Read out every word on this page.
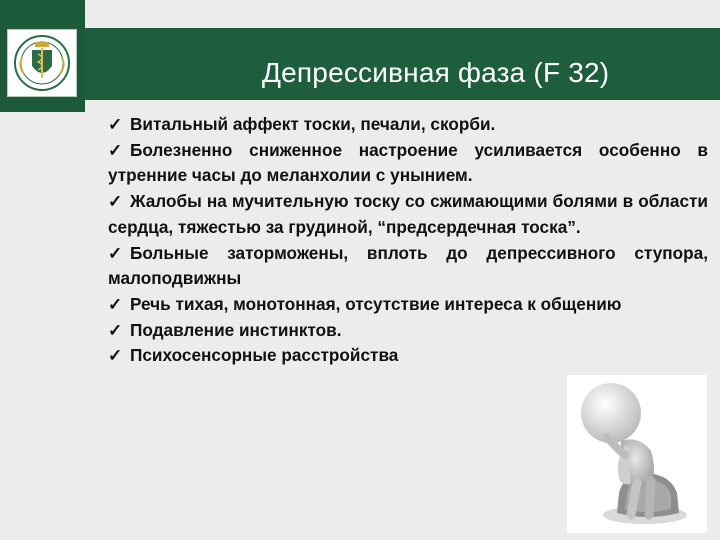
Депрессивная фаза (F 32)

✓ Витальный аффект тоски, печали, скорби.

✓ Болезненно сниженное настроение усиливается особенно в утренние часы до меланхолии с унынием.

✓ Жалобы на мучительную тоску со сжимающими болями в области сердца, тяжестью за грудиной, “предсердечная тоска”.

✓ Больные заторможены, вплоть до депрессивного ступора, малоподвижны

✓ Речь тихая, монотонная, отсутствие интереса к общению

✓ Подавление инстинктов.

✓ Психосенсорные расстройства
